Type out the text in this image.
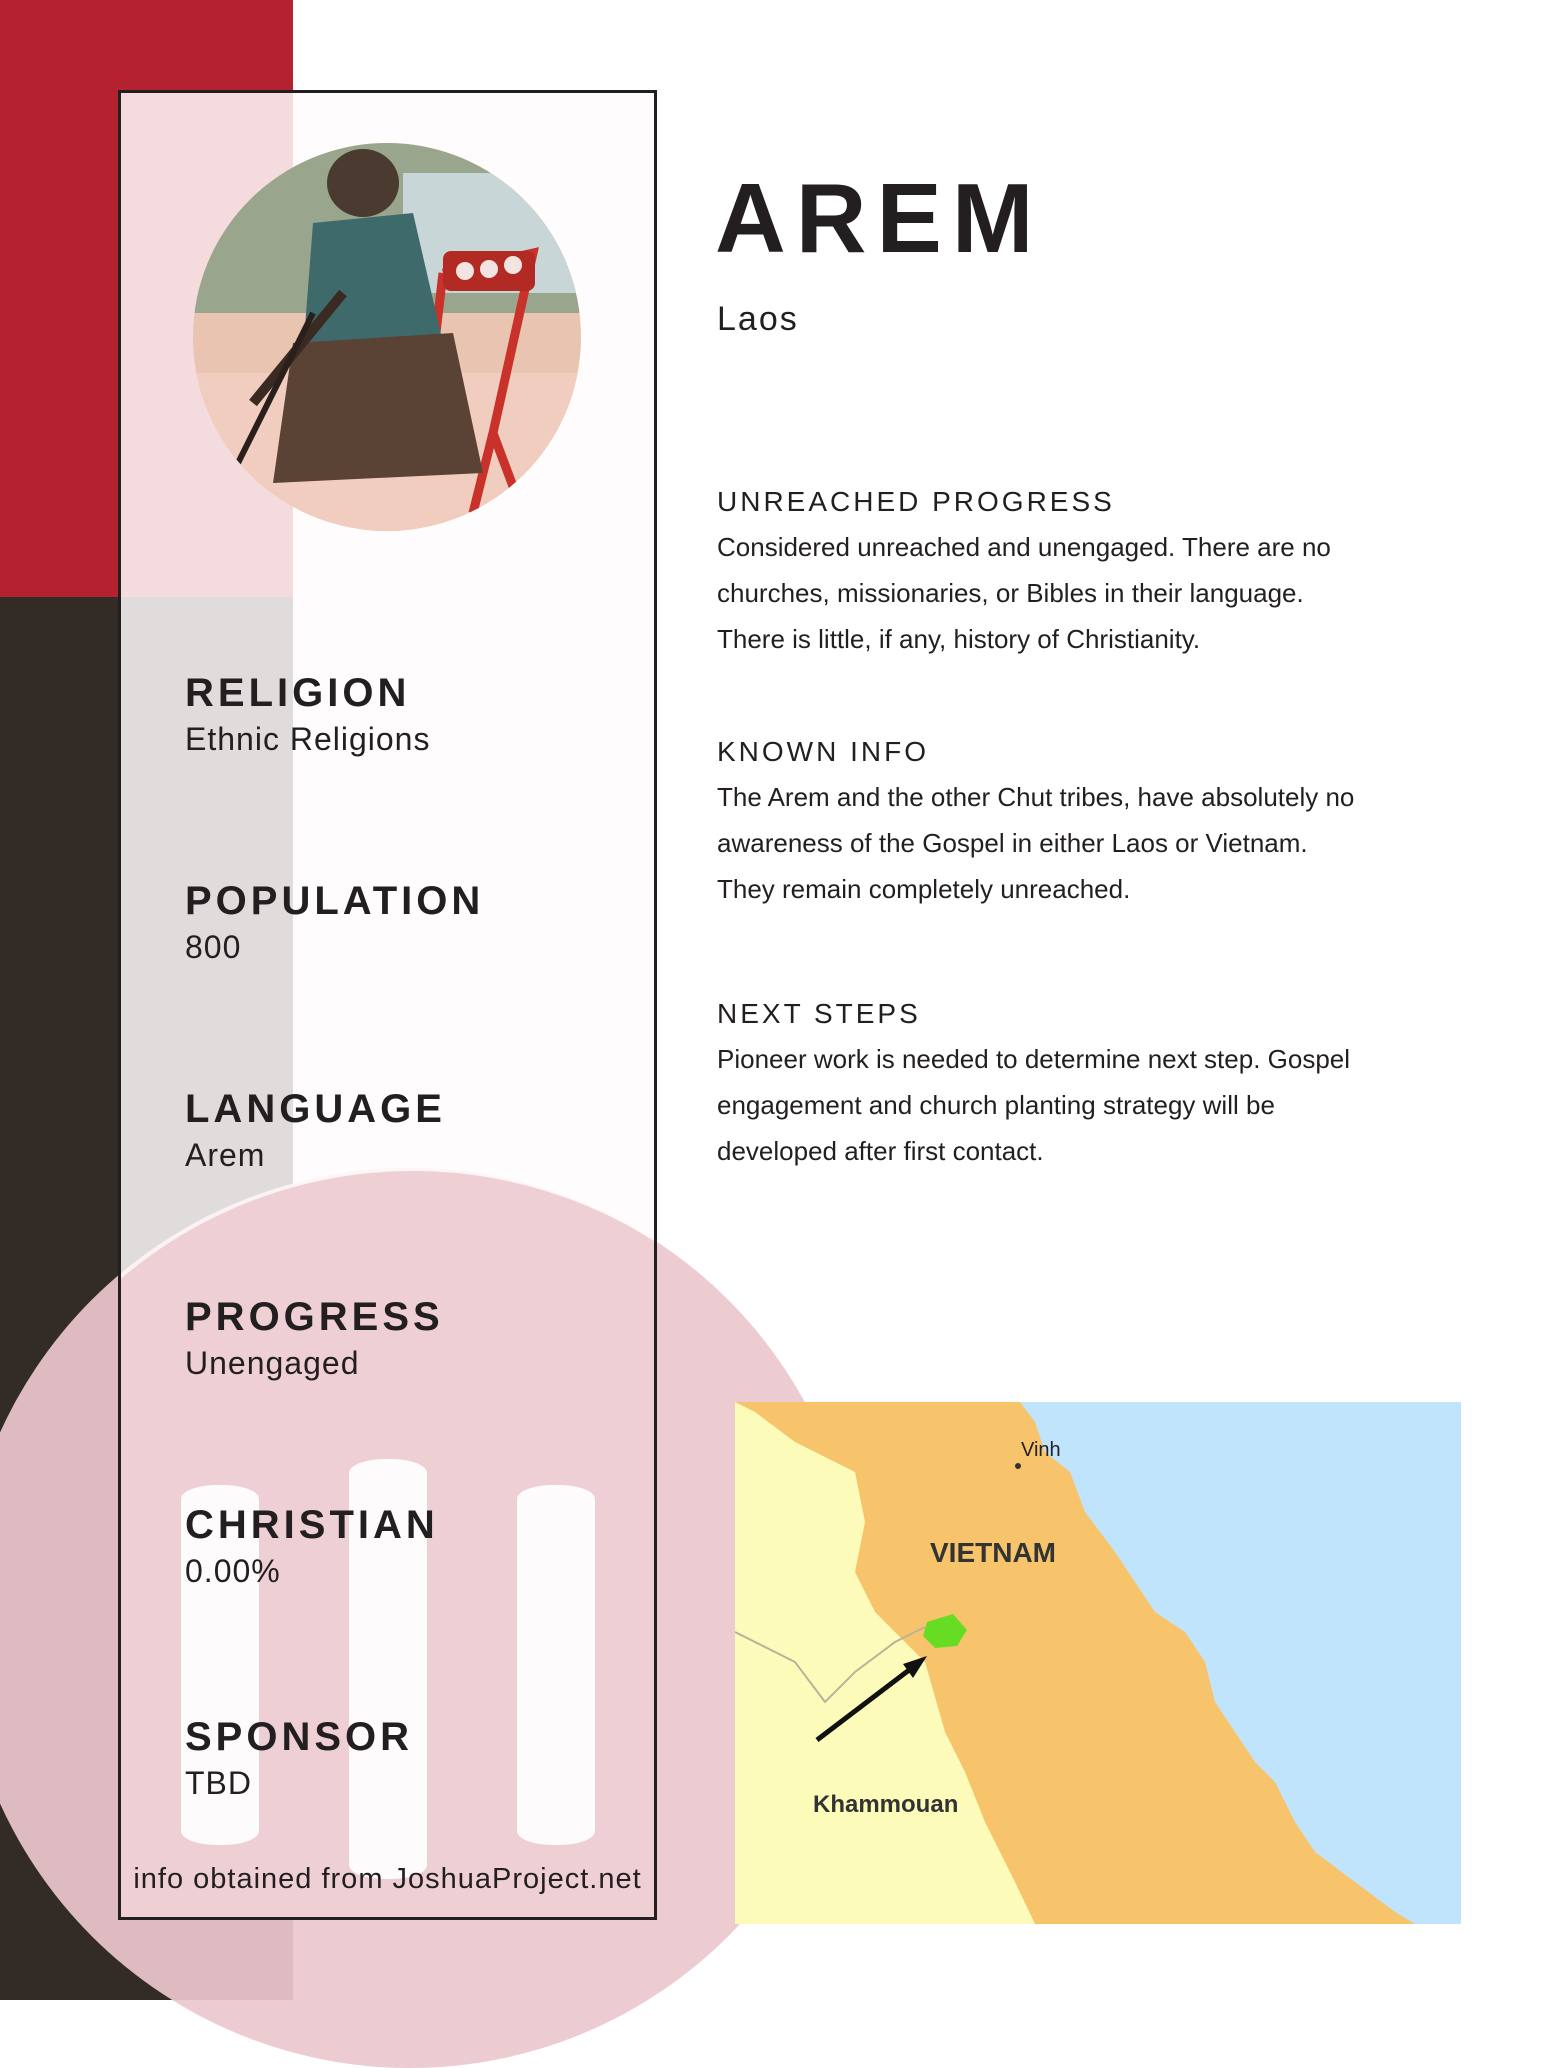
RELIGION
Ethnic Religions
POPULATION
800
LANGUAGE
Arem
PROGRESS
Unengaged
CHRISTIAN
0.00%
SPONSOR
TBD
info obtained from JoshuaProject.net
AREM
Laos
UNREACHED PROGRESS
Considered unreached and unengaged. There are no
churches, missionaries, or Bibles in their language.
There is little, if any, history of Christianity.
KNOWN INFO
The Arem and the other Chut tribes, have absolutely no
awareness of the Gospel in either Laos or Vietnam.
They remain completely unreached.
NEXT STEPS
Pioneer work is needed to determine next step. Gospel
engagement and church planting strategy will be
developed after first contact.
Vinh
VIETNAM
Khammouan
